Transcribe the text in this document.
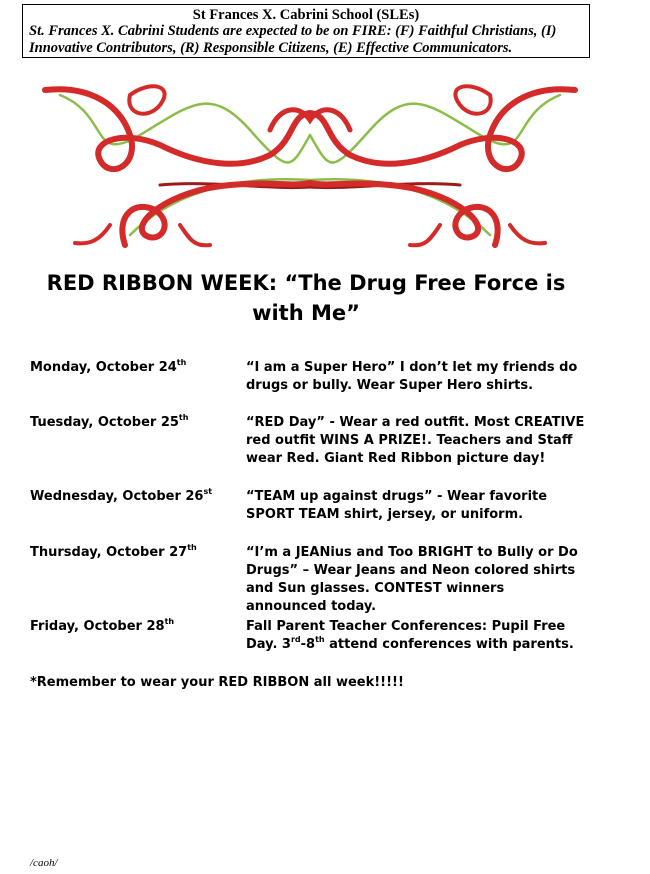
St Frances X. Cabrini School (SLEs)
St. Frances X. Cabrini Students are expected to be on FIRE: (F) Faithful Christians, (I)
Innovative Contributors, (R) Responsible Citizens, (E) Effective Communicators.
RED RIBBON WEEK: “The Drug Free Force is with Me”
Monday, October 24th	“I am a Super Hero” I don’t let my friends do drugs or bully. Wear Super Hero shirts.
Tuesday, October 25th	“RED Day” - Wear a red outfit. Most CREATIVE red outfit WINS A PRIZE!. Teachers and Staff wear Red. Giant Red Ribbon picture day!
Wednesday, October 26st	“TEAM up against drugs” - Wear favorite SPORT TEAM shirt, jersey, or uniform.
Thursday, October 27th	“I’m a JEANius and Too BRIGHT to Bully or Do Drugs” – Wear Jeans and Neon colored shirts and Sun glasses. CONTEST winners announced today.
Friday, October 28th	Fall Parent Teacher Conferences: Pupil Free Day. 3rd-8th attend conferences with parents.
*Remember to wear your RED RIBBON all week!!!!!
/caoh/
